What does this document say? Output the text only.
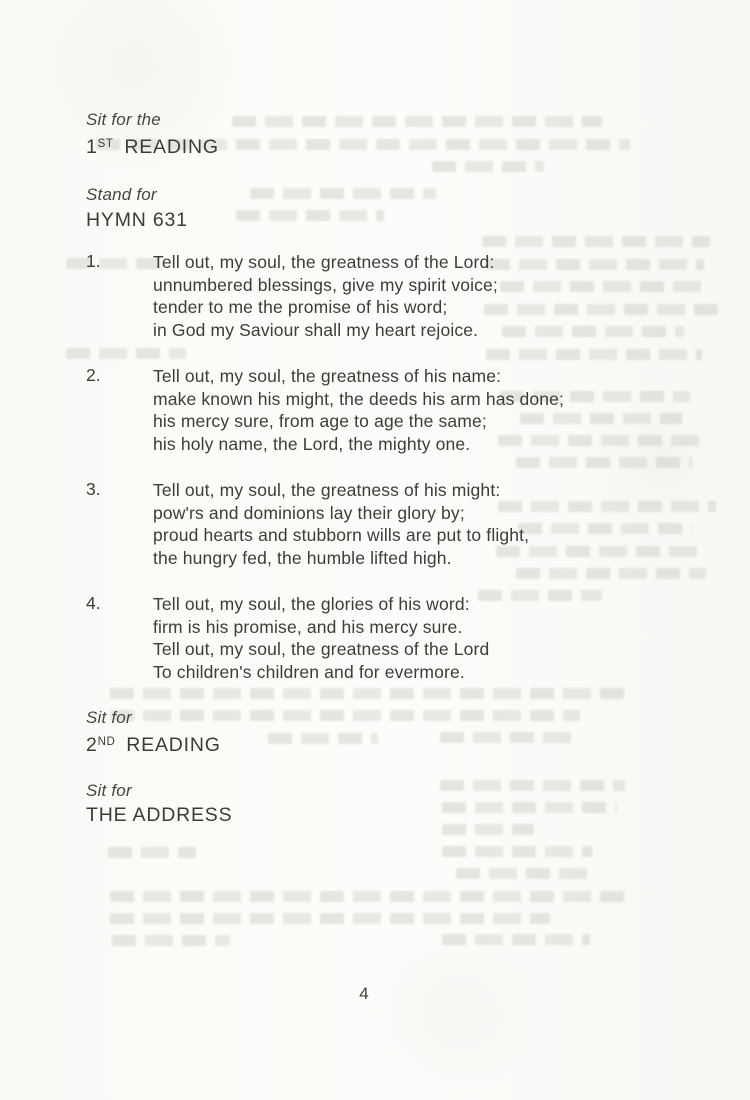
Sit for the
1ST READING
Stand for
HYMN 631
1.	Tell out, my soul, the greatness of the Lord:
unnumbered blessings, give my spirit voice;
tender to me the promise of his word;
in God my Saviour shall my heart rejoice.
2.	Tell out, my soul, the greatness of his name:
make known his might, the deeds his arm has done;
his mercy sure, from age to age the same;
his holy name, the Lord, the mighty one.
3.	Tell out, my soul, the greatness of his might:
pow'rs and dominions lay their glory by;
proud hearts and stubborn wills are put to flight,
the hungry fed, the humble lifted high.
4.	Tell out, my soul, the glories of his word:
firm is his promise, and his mercy sure.
Tell out, my soul, the greatness of the Lord
To children's children and for evermore.
Sit for
2ND READING
Sit for
THE ADDRESS
4
